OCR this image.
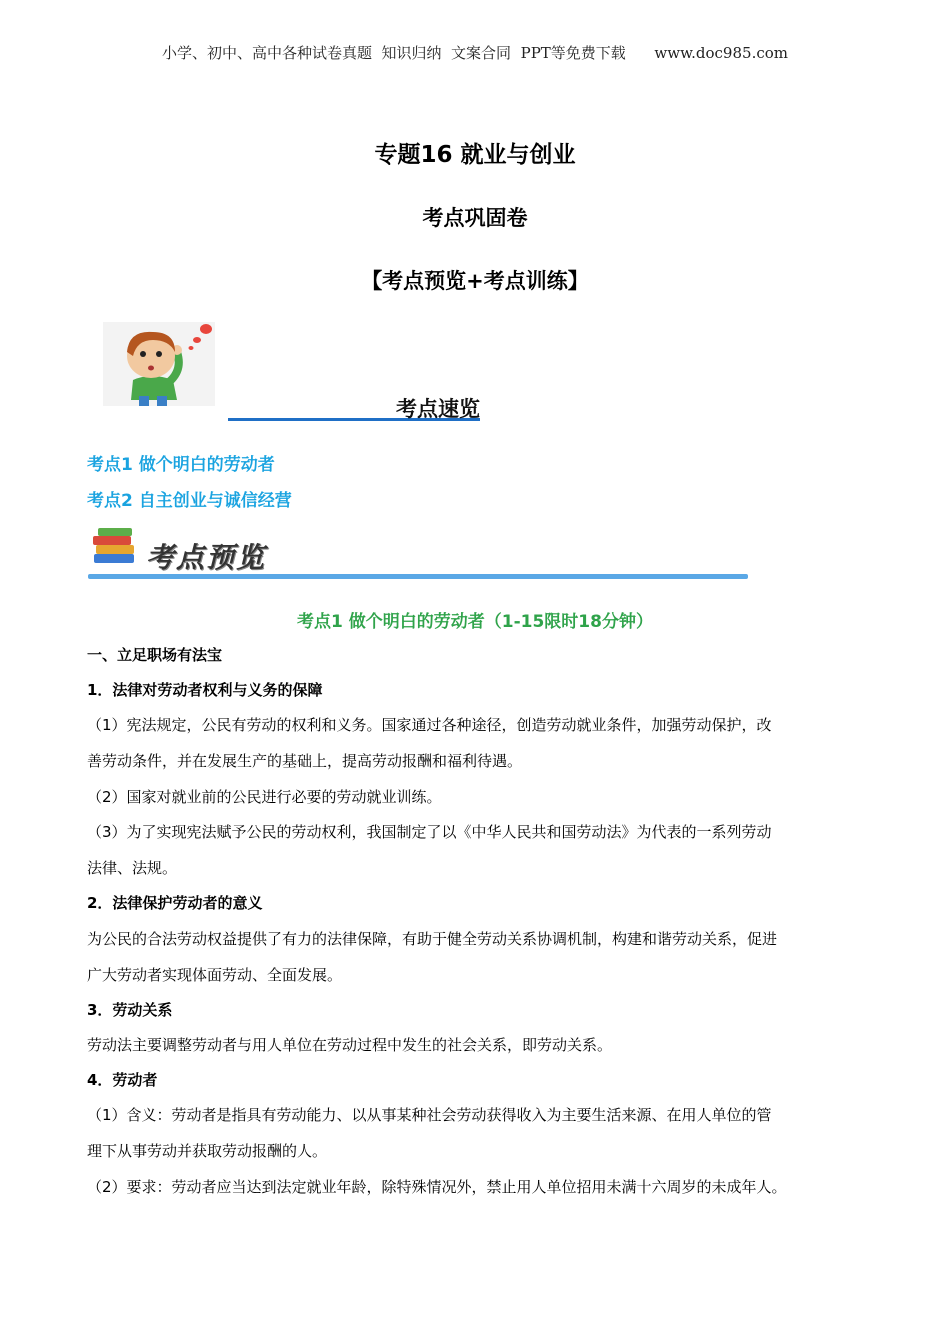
小学、初中、高中各种试卷真题  知识归纳  文案合同  PPT等免费下载      www.doc985.com
专题16 就业与创业
考点巩固卷
【考点预览+考点训练】
考点速览
考点1 做个明白的劳动者
考点2 自主创业与诚信经营
考点预览
考点1 做个明白的劳动者（1-15限时18分钟）
一、立足职场有法宝
1．法律对劳动者权利与义务的保障
（1）宪法规定，公民有劳动的权利和义务。国家通过各种途径，创造劳动就业条件，加强劳动保护，改
善劳动条件，并在发展生产的基础上，提高劳动报酬和福利待遇。
（2）国家对就业前的公民进行必要的劳动就业训练。
（3）为了实现宪法赋予公民的劳动权利，我国制定了以《中华人民共和国劳动法》为代表的一系列劳动
法律、法规。
2．法律保护劳动者的意义
为公民的合法劳动权益提供了有力的法律保障，有助于健全劳动关系协调机制，构建和谐劳动关系，促进
广大劳动者实现体面劳动、全面发展。
3．劳动关系
劳动法主要调整劳动者与用人单位在劳动过程中发生的社会关系，即劳动关系。
4．劳动者
（1）含义：劳动者是指具有劳动能力、以从事某种社会劳动获得收入为主要生活来源、在用人单位的管
理下从事劳动并获取劳动报酬的人。
（2）要求：劳动者应当达到法定就业年龄，除特殊情况外，禁止用人单位招用未满十六周岁的未成年人。
